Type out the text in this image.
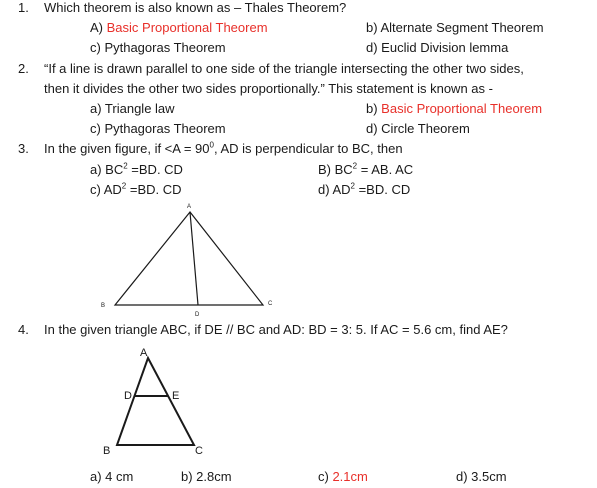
1. Which theorem is also known as – Thales Theorem?
A) Basic Proportional Theorem	b) Alternate Segment Theorem
c) Pythagoras Theorem	d) Euclid Division lemma
2. “If a line is drawn parallel to one side of the triangle intersecting the other two sides,
then it divides the other two sides proportionally.” This statement is known as -
a) Triangle law	b) Basic Proportional Theorem
c) Pythagoras Theorem	d) Circle Theorem
3. In the given figure, if $<A = 90^0$, AD is perpendicular to BC, then
a) $BC^2 =BD$. CD	B) $BC^2$ = AB. AC
c) $AD^2 =BD$. CD	d) $AD^2 =BD$. CD
A
B	C
D
4. In the given triangle ABC, if DE // BC and AD: BD = 3: 5. If AC = 5.6 cm, find AE?
A
B	C
D	E
a) 4 cm	b) 2.8cm	c) 2.1cm	d) 3.5cm
